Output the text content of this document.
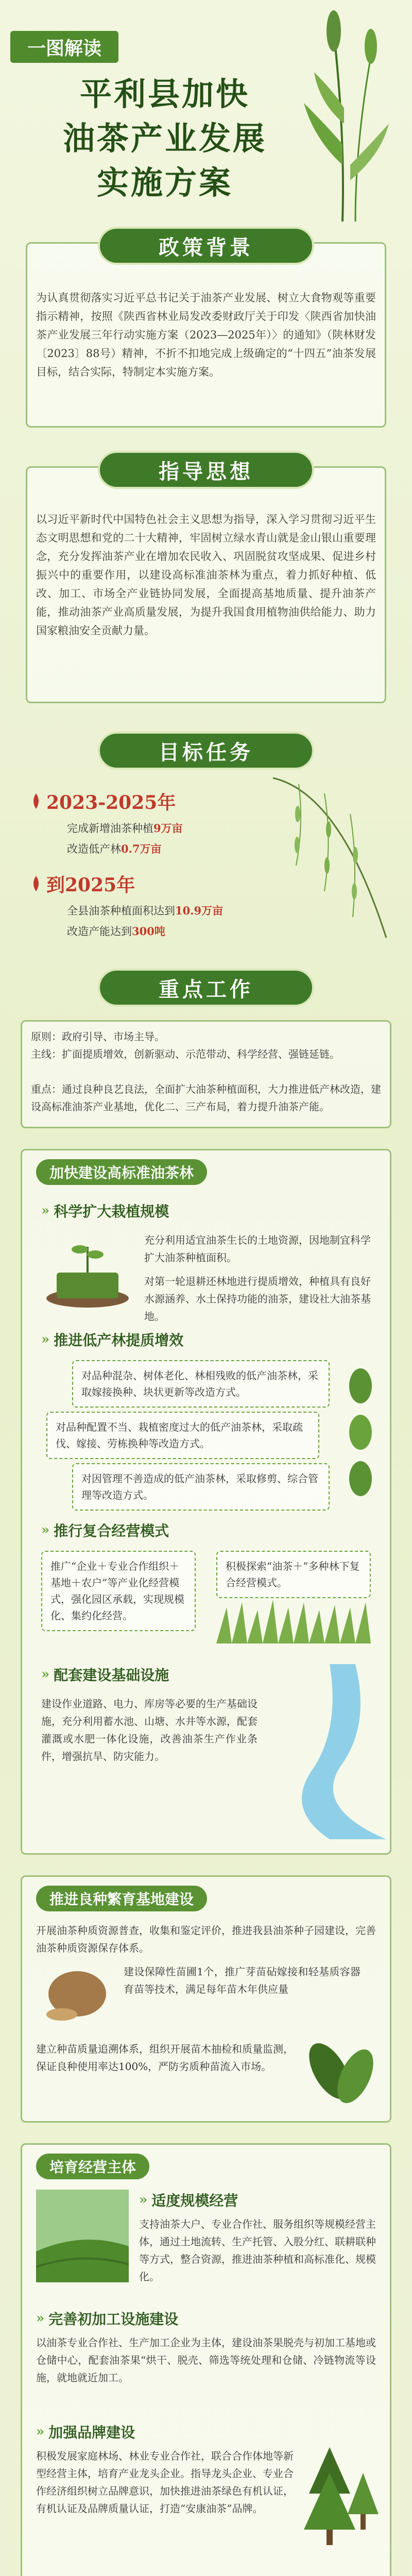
一图解读
平利县加快
油茶产业发展
实施方案
政策背景
为认真贯彻落实习近平总书记关于油茶产业发展、树立大食物观等重要指示精神，按照《陕西省林业局发改委财政厅关于印发〈陕西省加快油茶产业发展三年行动实施方案（2023—2025年）〉的通知》（陕林财发〔2023〕88号）精神，不折不扣地完成上级确定的“十四五”油茶发展目标，结合实际，特制定本实施方案。
指导思想
以习近平新时代中国特色社会主义思想为指导，深入学习贯彻习近平生态文明思想和党的二十大精神，牢固树立绿水青山就是金山银山重要理念，充分发挥油茶产业在增加农民收入、巩固脱贫攻坚成果、促进乡村振兴中的重要作用，以建设高标准油茶林为重点，着力抓好种植、低改、加工、市场全产业链协同发展，全面提高基地质量、提升油茶产能，推动油茶产业高质量发展，为提升我国食用植物油供给能力、助力国家粮油安全贡献力量。
目标任务
2023-2025年
完成新增油茶种植9万亩
改造低产林0.7万亩
到2025年
全县油茶种植面积达到10.9万亩
改造产能达到300吨
重点工作
原则：政府引导、市场主导。
主线：扩面提质增效，创新驱动、示范带动、科学经营、强链延链。
重点：通过良种良艺良法，全面扩大油茶种植面积，大力推进低产林改造，建设高标准油茶产业基地，优化二、三产布局，着力提升油茶产能。
加快建设高标准油茶林
» 科学扩大栽植规模
充分利用适宜油茶生长的土地资源，因地制宜科学扩大油茶种植面积。
对第一轮退耕还林地进行提质增效，种植具有良好水源涵养、水土保持功能的油茶，建设社大油茶基地。
» 推进低产林提质增效
对品种混杂、树体老化、林相残败的低产油茶林，采取嫁接换种、块状更新等改造方式。
对品种配置不当、栽植密度过大的低产油茶林，采取疏伐、嫁接、劳栋换种等改造方式。
对因管理不善造成的低产油茶林，采取修剪、综合管理等改造方式。
» 推行复合经营模式
推广“企业＋专业合作组织＋基地＋农户”等产业化经营模式，强化园区承载，实现规模化、集约化经营。
积极探索“油茶＋”多种林下复合经营模式。
» 配套建设基础设施
建设作业道路、电力、库房等必要的生产基础设施，充分利用蓄水池、山塘、水井等水源，配套灌溉或水肥一体化设施，改善油茶生产作业条件，增强抗旱、防灾能力。
推进良种繁育基地建设
开展油茶种质资源普查，收集和鉴定评价，推进我县油茶种子园建设，完善油茶种质资源保存体系。
建设保障性苗圃1个，推广芽苗砧嫁接和轻基质容器育苗等技术，满足每年苗木年供应量
建立种苗质量追溯体系，组织开展苗木抽检和质量监测，保证良种使用率达100%，严防劣质种苗流入市场。
培育经营主体
» 适度规模经营
支持油茶大户、专业合作社、服务组织等规模经营主体，通过土地流转、生产托管、入股分红、联耕联种等方式，整合资源，推进油茶种植和高标准化、规模化。
» 完善初加工设施建设
以油茶专业合作社、生产加工企业为主体，建设油茶果脱壳与初加工基地或仓储中心，配套油茶果“烘干、脱壳、筛选等统处理和仓储、冷链物流等设施，就地就近加工。
» 加强品牌建设
积极发展家庭林场、林业专业合作社，联合合作体地等新型经营主体，培育产业龙头企业。指导龙头企业、专业合作经济组织树立品牌意识，加快推进油茶绿色有机认证，有机认证及品牌质量认证，打造“安康油茶”品牌。
